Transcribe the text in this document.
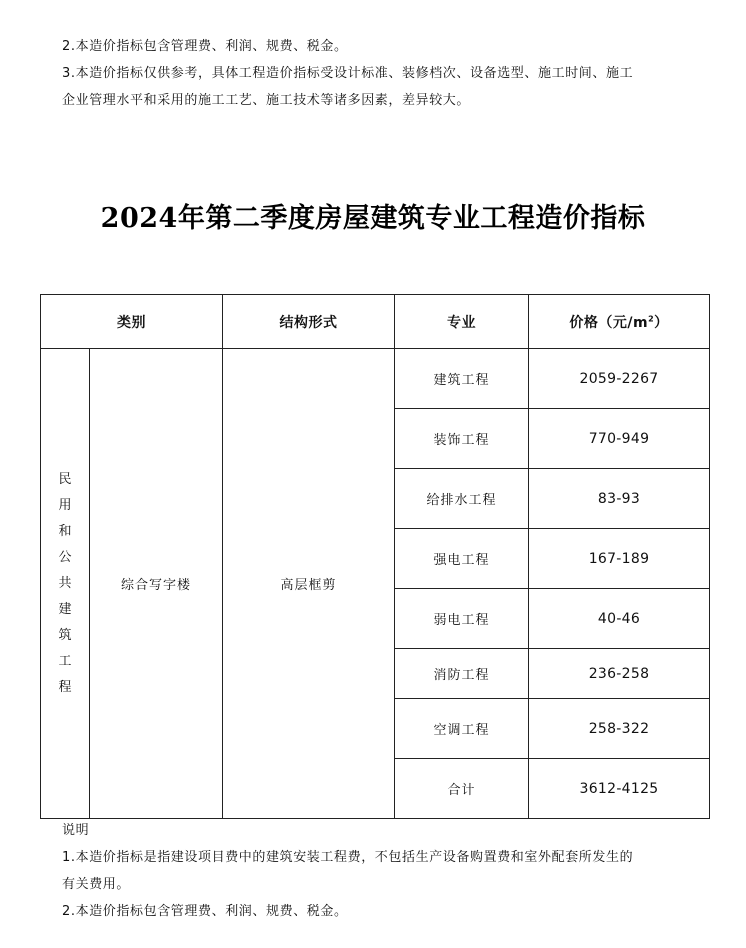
2.本造价指标包含管理费、利润、规费、税金。
3.本造价指标仅供参考，具体工程造价指标受设计标准、装修档次、设备选型、施工时间、施工
企业管理水平和采用的施工工艺、施工技术等诸多因素，差异较大。
2024年第二季度房屋建筑专业工程造价指标
类别		结构形式	专业	价格（元$/m^2$）
民用和公共建筑工程	综合写字楼	高层框剪	建筑工程	2059-2267
			装饰工程	770-949
			给排水工程	83-93
			强电工程	167-189
			弱电工程	40-46
			消防工程	236-258
			空调工程	258-322
			合计	3612-4125
说明
1.本造价指标是指建设项目费中的建筑安装工程费，不包括生产设备购置费和室外配套所发生的
有关费用。
2.本造价指标包含管理费、利润、规费、税金。
